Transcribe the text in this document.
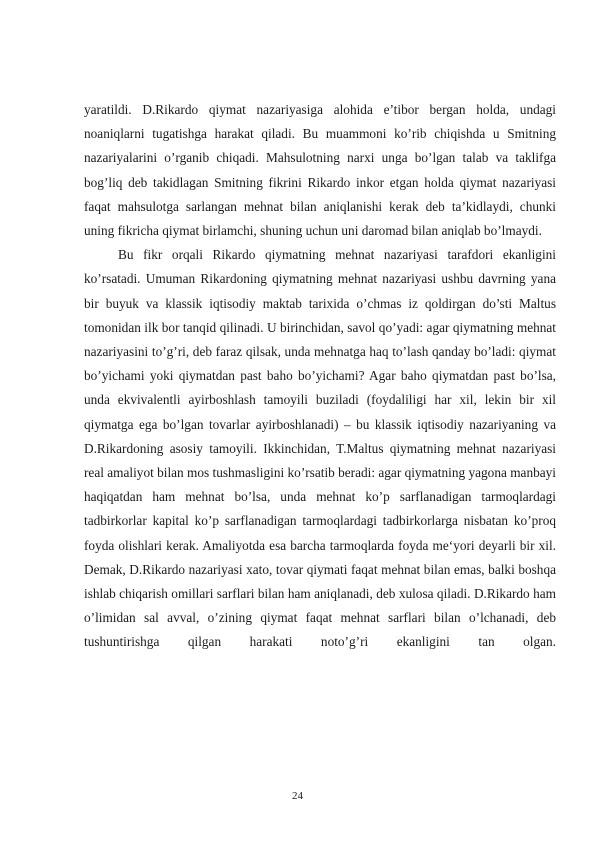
yaratildi. D.Rikardo qiymat nazariyasiga alohida e’tibor bergan holda, undagi noaniqlarni tugatishga harakat qiladi. Bu muammoni ko’rib chiqishda u Smitning nazariyalarini o’rganib chiqadi. Mahsulotning narxi unga bo’lgan talab va taklifga bog’liq deb takidlagan Smitning fikrini Rikardo inkor etgan holda qiymat nazariyasi faqat mahsulotga sarlangan mehnat bilan aniqlanishi kerak deb ta’kidlaydi, chunki uning fikricha qiymat birlamchi, shuning uchun uni daromad bilan aniqlab bo’lmaydi.

Bu fikr orqali Rikardo qiymatning mehnat nazariyasi tarafdori ekanligini ko’rsatadi. Umuman Rikardoning qiymatning mehnat nazariyasi ushbu davrning yana bir buyuk va klassik iqtisodiy maktab tarixida o’chmas iz qoldirgan do’sti Maltus tomonidan ilk bor tanqid qilinadi. U birinchidan, savol qo’yadi: agar qiymatning mehnat nazariyasini to’g’ri, deb faraz qilsak, unda mehnatga haq to’lash qanday bo’ladi: qiymat bo’yichami yoki qiymatdan past baho bo’yichami? Agar baho qiymatdan past bo’lsa, unda ekvivalentli ayirboshlash tamoyili buziladi (foydaliligi har xil, lekin bir xil qiymatga ega bo’lgan tovarlar ayirboshlanadi) – bu klassik iqtisodiy nazariyaning va D.Rikardoning asosiy tamoyili. Ikkinchidan, T.Maltus qiymatning mehnat nazariyasi real amaliyot bilan mos tushmasligini ko’rsatib beradi: agar qiymatning yagona manbayi haqiqatdan ham mehnat bo’lsa, unda mehnat ko’p sarflanadigan tarmoqlardagi tadbirkorlar kapital ko’p sarflanadigan tarmoqlardagi tadbirkorlarga nisbatan ko’proq foyda olishlari kerak. Amaliyotda esa barcha tarmoqlarda foyda me‘yori deyarli bir xil. Demak, D.Rikardo nazariyasi xato, tovar qiymati faqat mehnat bilan emas, balki boshqa ishlab chiqarish omillari sarflari bilan ham aniqlanadi, deb xulosa qiladi. D.Rikardo ham o’limidan sal avval, o’zining qiymat faqat mehnat sarflari bilan o’lchanadi, deb tushuntirishga qilgan harakati noto’g’ri ekanligini tan olgan.

24
